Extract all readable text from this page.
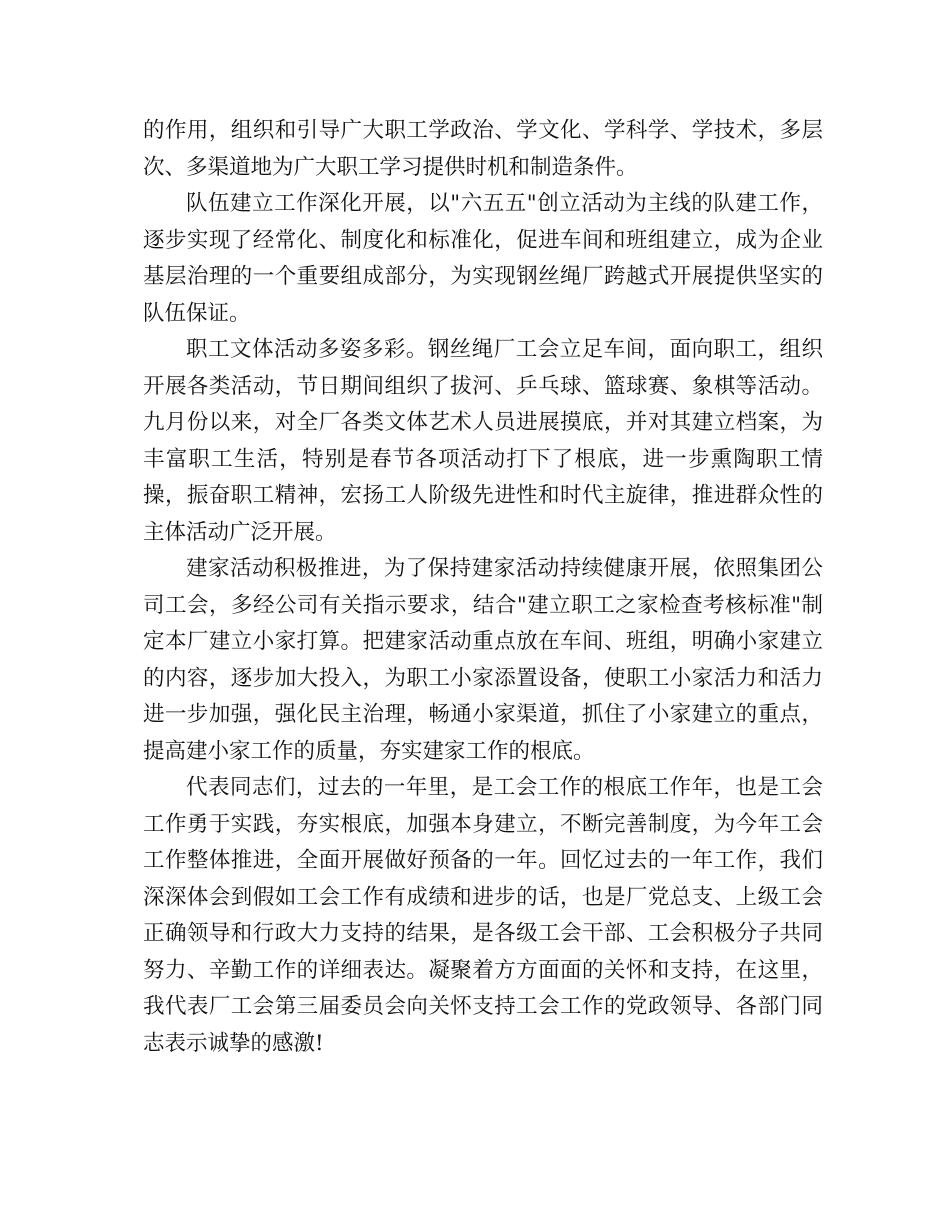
的作用，组织和引导广大职工学政治、学文化、学科学、学技术，多层次、多渠道地为广大职工学习提供时机和制造条件。

队伍建立工作深化开展，以"六五五"创立活动为主线的队建工作，逐步实现了经常化、制度化和标准化，促进车间和班组建立，成为企业基层治理的一个重要组成部分，为实现钢丝绳厂跨越式开展提供坚实的队伍保证。

职工文体活动多姿多彩。钢丝绳厂工会立足车间，面向职工，组织开展各类活动，节日期间组织了拔河、乒乓球、篮球赛、象棋等活动。九月份以来，对全厂各类文体艺术人员进展摸底，并对其建立档案，为丰富职工生活，特别是春节各项活动打下了根底，进一步熏陶职工情操，振奋职工精神，宏扬工人阶级先进性和时代主旋律，推进群众性的主体活动广泛开展。

建家活动积极推进，为了保持建家活动持续健康开展，依照集团公司工会，多经公司有关指示要求，结合"建立职工之家检查考核标准"制定本厂建立小家打算。把建家活动重点放在车间、班组，明确小家建立的内容，逐步加大投入，为职工小家添置设备，使职工小家活力和活力进一步加强，强化民主治理，畅通小家渠道，抓住了小家建立的重点，提高建小家工作的质量，夯实建家工作的根底。

代表同志们，过去的一年里，是工会工作的根底工作年，也是工会工作勇于实践，夯实根底，加强本身建立，不断完善制度，为今年工会工作整体推进，全面开展做好预备的一年。回忆过去的一年工作，我们深深体会到假如工会工作有成绩和进步的话，也是厂党总支、上级工会正确领导和行政大力支持的结果，是各级工会干部、工会积极分子共同努力、辛勤工作的详细表达。凝聚着方方面面的关怀和支持，在这里，我代表厂工会第三届委员会向关怀支持工会工作的党政领导、各部门同志表示诚挚的感激!
